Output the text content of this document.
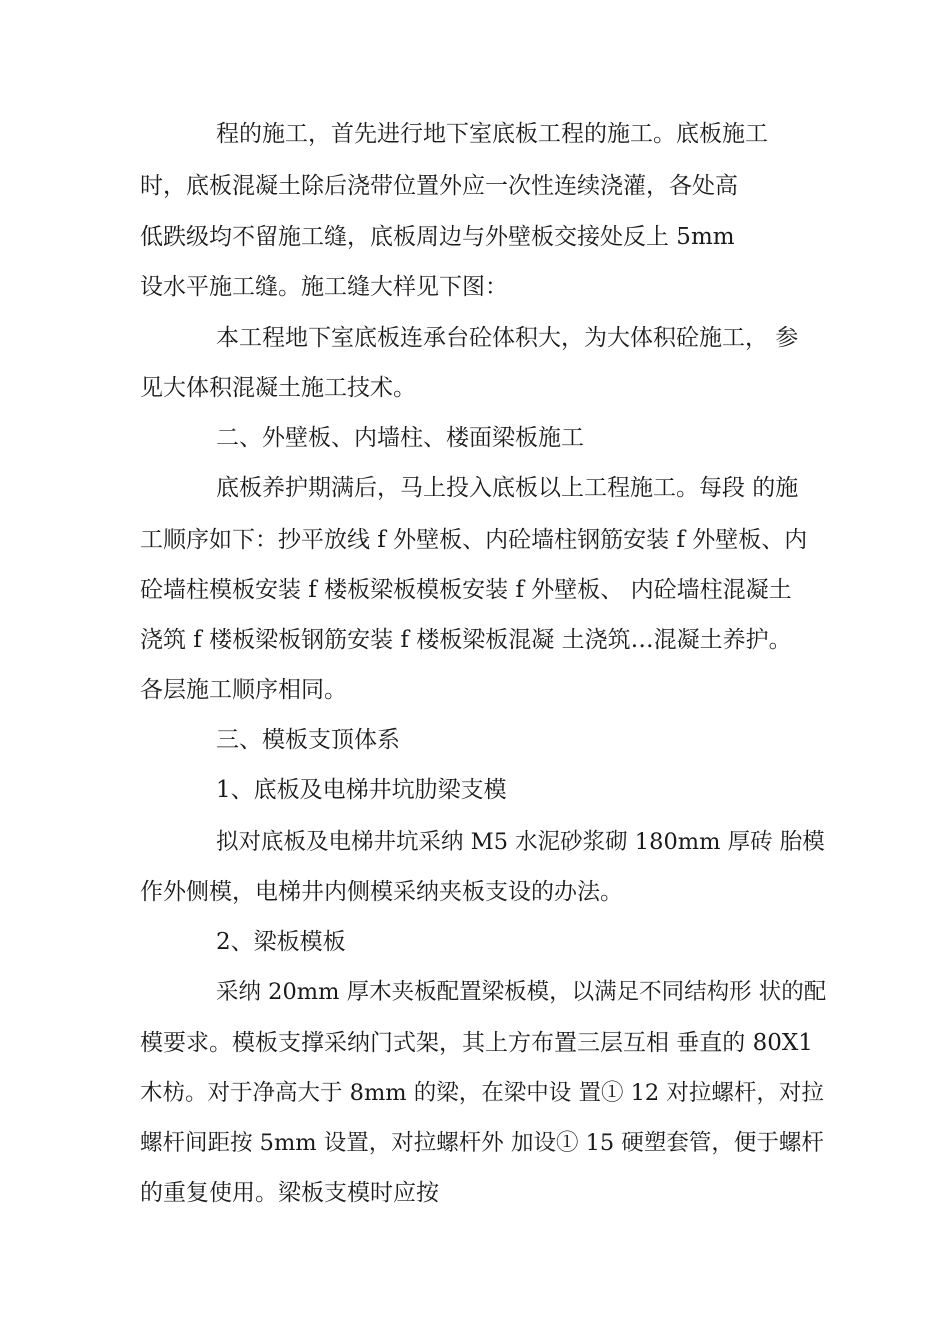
程的施工，首先进行地下室底板工程的施工。底板施工
时，底板混凝土除后浇带位置外应一次性连续浇灌，各处高
低跌级均不留施工缝，底板周边与外壁板交接处反上 5mm
设水平施工缝。施工缝大样见下图：
本工程地下室底板连承台砼体积大，为大体积砼施工， 参
见大体积混凝土施工技术。
二、外壁板、内墙柱、楼面梁板施工
底板养护期满后，马上投入底板以上工程施工。每段 的施
工顺序如下：抄平放线 f 外壁板、内砼墙柱钢筋安装 f 外壁板、内
砼墙柱模板安装 f 楼板梁板模板安装 f 外壁板、 内砼墙柱混凝土
浇筑 f 楼板梁板钢筋安装 f 楼板梁板混凝 土浇筑…混凝土养护。
各层施工顺序相同。
三、模板支顶体系
1、底板及电梯井坑肋梁支模
拟对底板及电梯井坑采纳 M5 水泥砂浆砌 180mm 厚砖 胎模
作外侧模，电梯井内侧模采纳夹板支设的办法。
2、梁板模板
采纳 20mm 厚木夹板配置梁板模，以满足不同结构形 状的配
模要求。模板支撑采纳门式架，其上方布置三层互相 垂直的 80X1
木枋。对于净高大于 8mm 的梁，在梁中设 置① 12 对拉螺杆，对拉
螺杆间距按 5mm 设置，对拉螺杆外 加设① 15 硬塑套管，便于螺杆
的重复使用。梁板支模时应按
